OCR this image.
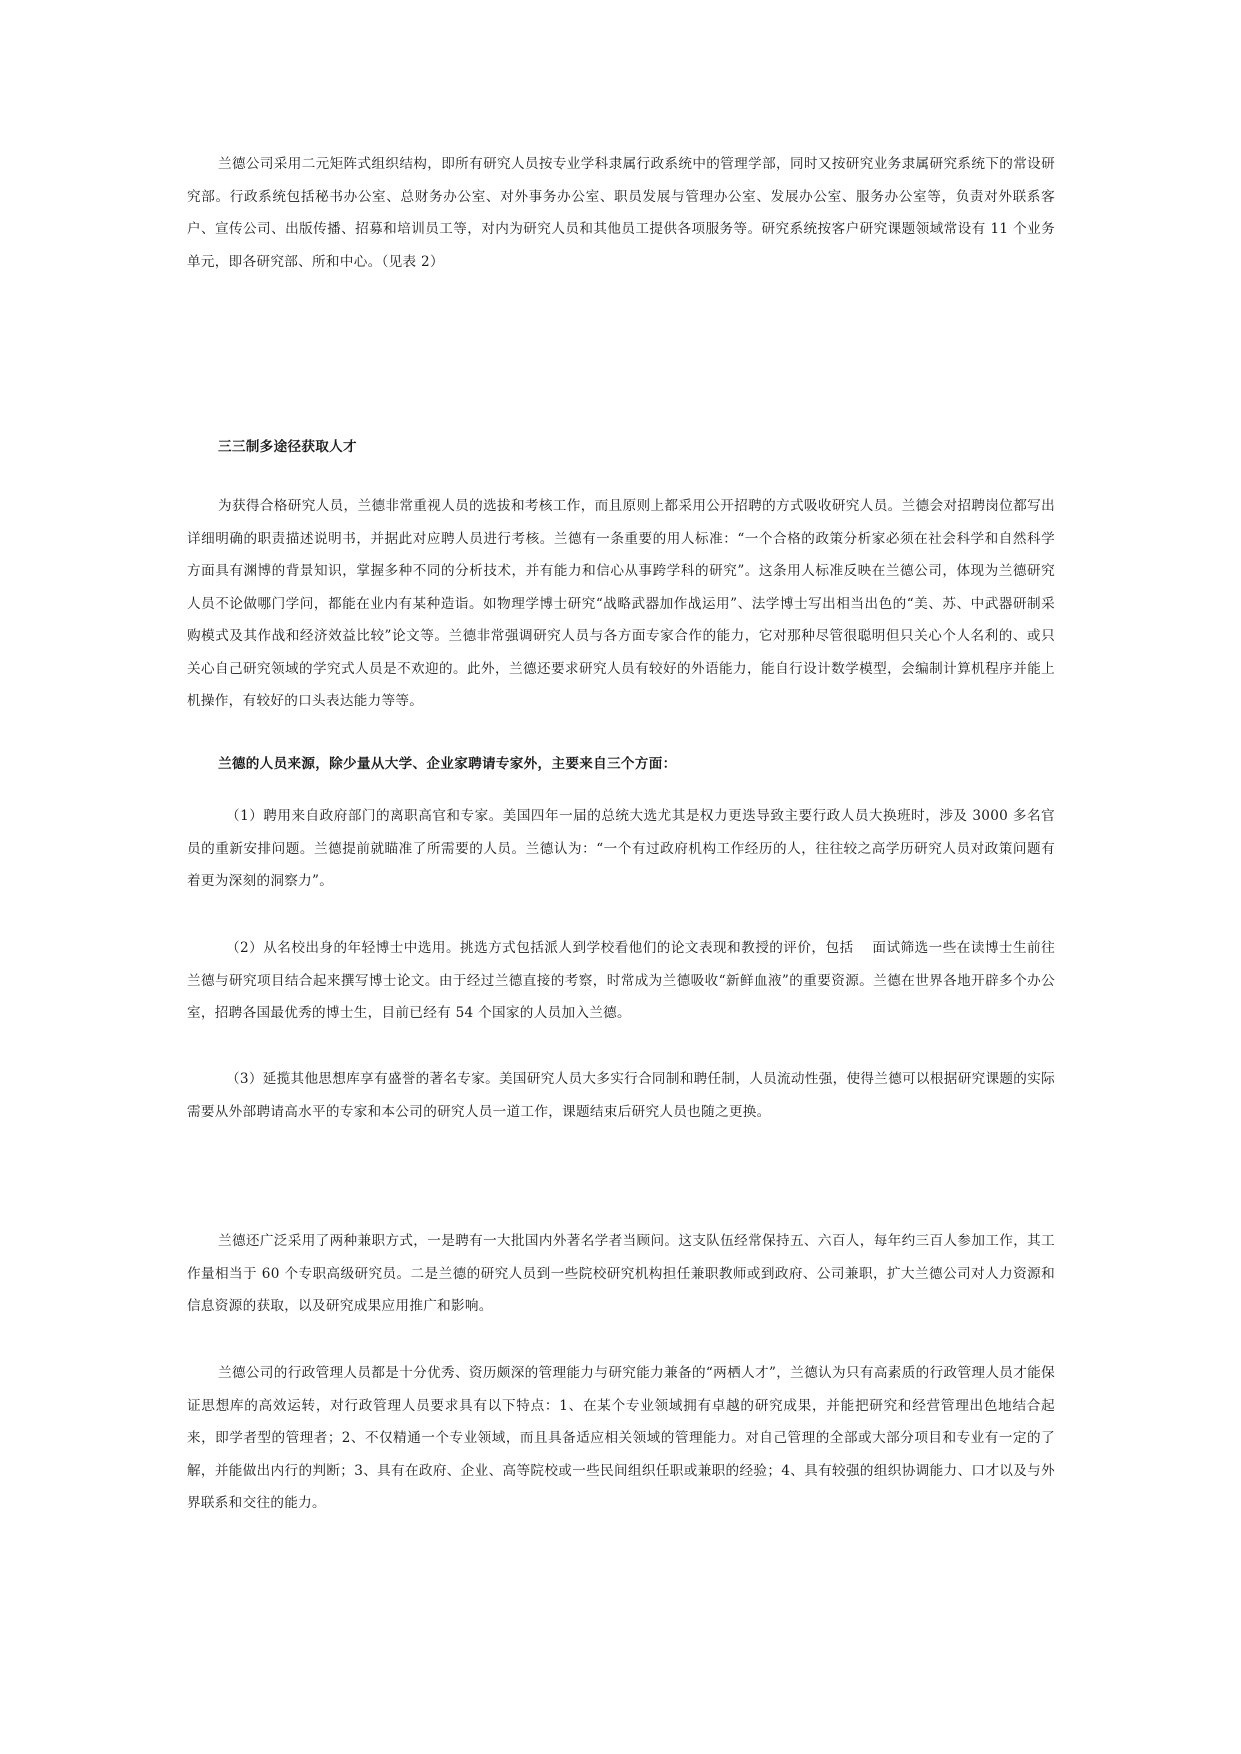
兰德公司采用二元矩阵式组织结构，即所有研究人员按专业学科隶属行政系统中的管理学部，同时又按研究业务隶属研究系统下的常设研究部。行政系统包括秘书办公室、总财务办公室、对外事务办公室、职员发展与管理办公室、发展办公室、服务办公室等，负责对外联系客户、宣传公司、出版传播、招募和培训员工等，对内为研究人员和其他员工提供各项服务等。研究系统按客户研究课题领域常设有 11 个业务单元，即各研究部、所和中心。（见表 2）

三三制多途径获取人才

为获得合格研究人员，兰德非常重视人员的选拔和考核工作，而且原则上都采用公开招聘的方式吸收研究人员。兰德会对招聘岗位都写出详细明确的职责描述说明书，并据此对应聘人员进行考核。兰德有一条重要的用人标准：“一个合格的政策分析家必须在社会科学和自然科学方面具有渊博的背景知识，掌握多种不同的分析技术，并有能力和信心从事跨学科的研究”。这条用人标准反映在兰德公司，体现为兰德研究人员不论做哪门学问，都能在业内有某种造诣。如物理学博士研究“战略武器加作战运用”、法学博士写出相当出色的“美、苏、中武器研制采购模式及其作战和经济效益比较”论文等。兰德非常强调研究人员与各方面专家合作的能力，它对那种尽管很聪明但只关心个人名利的、或只关心自己研究领域的学究式人员是不欢迎的。此外，兰德还要求研究人员有较好的外语能力，能自行设计数学模型，会编制计算机程序并能上机操作，有较好的口头表达能力等等。

兰德的人员来源，除少量从大学、企业家聘请专家外，主要来自三个方面：

（1）聘用来自政府部门的离职高官和专家。美国四年一届的总统大选尤其是权力更迭导致主要行政人员大换班时，涉及 3000 多名官员的重新安排问题。兰德提前就瞄准了所需要的人员。兰德认为：“一个有过政府机构工作经历的人，往往较之高学历研究人员对政策问题有着更为深刻的洞察力”。

（2）从名校出身的年轻博士中选用。挑选方式包括派人到学校看他们的论文表现和教授的评价，包括　 面试筛选一些在读博士生前往兰德与研究项目结合起来撰写博士论文。由于经过兰德直接的考察，时常成为兰德吸收“新鲜血液”的重要资源。兰德在世界各地开辟多个办公室，招聘各国最优秀的博士生，目前已经有 54 个国家的人员加入兰德。

（3）延揽其他思想库享有盛誉的著名专家。美国研究人员大多实行合同制和聘任制，人员流动性强，使得兰德可以根据研究课题的实际需要从外部聘请高水平的专家和本公司的研究人员一道工作，课题结束后研究人员也随之更换。

兰德还广泛采用了两种兼职方式，一是聘有一大批国内外著名学者当顾问。这支队伍经常保持五、六百人，每年约三百人参加工作，其工作量相当于 60 个专职高级研究员。二是兰德的研究人员到一些院校研究机构担任兼职教师或到政府、公司兼职，扩大兰德公司对人力资源和信息资源的获取，以及研究成果应用推广和影响。

兰德公司的行政管理人员都是十分优秀、资历颇深的管理能力与研究能力兼备的“两栖人才”，兰德认为只有高素质的行政管理人员才能保证思想库的高效运转，对行政管理人员要求具有以下特点：1、在某个专业领域拥有卓越的研究成果，并能把研究和经营管理出色地结合起来，即学者型的管理者；2、不仅精通一个专业领域，而且具备适应相关领域的管理能力。对自己管理的全部或大部分项目和专业有一定的了解，并能做出内行的判断；3、具有在政府、企业、高等院校或一些民间组织任职或兼职的经验；4、具有较强的组织协调能力、口才以及与外界联系和交往的能力。
